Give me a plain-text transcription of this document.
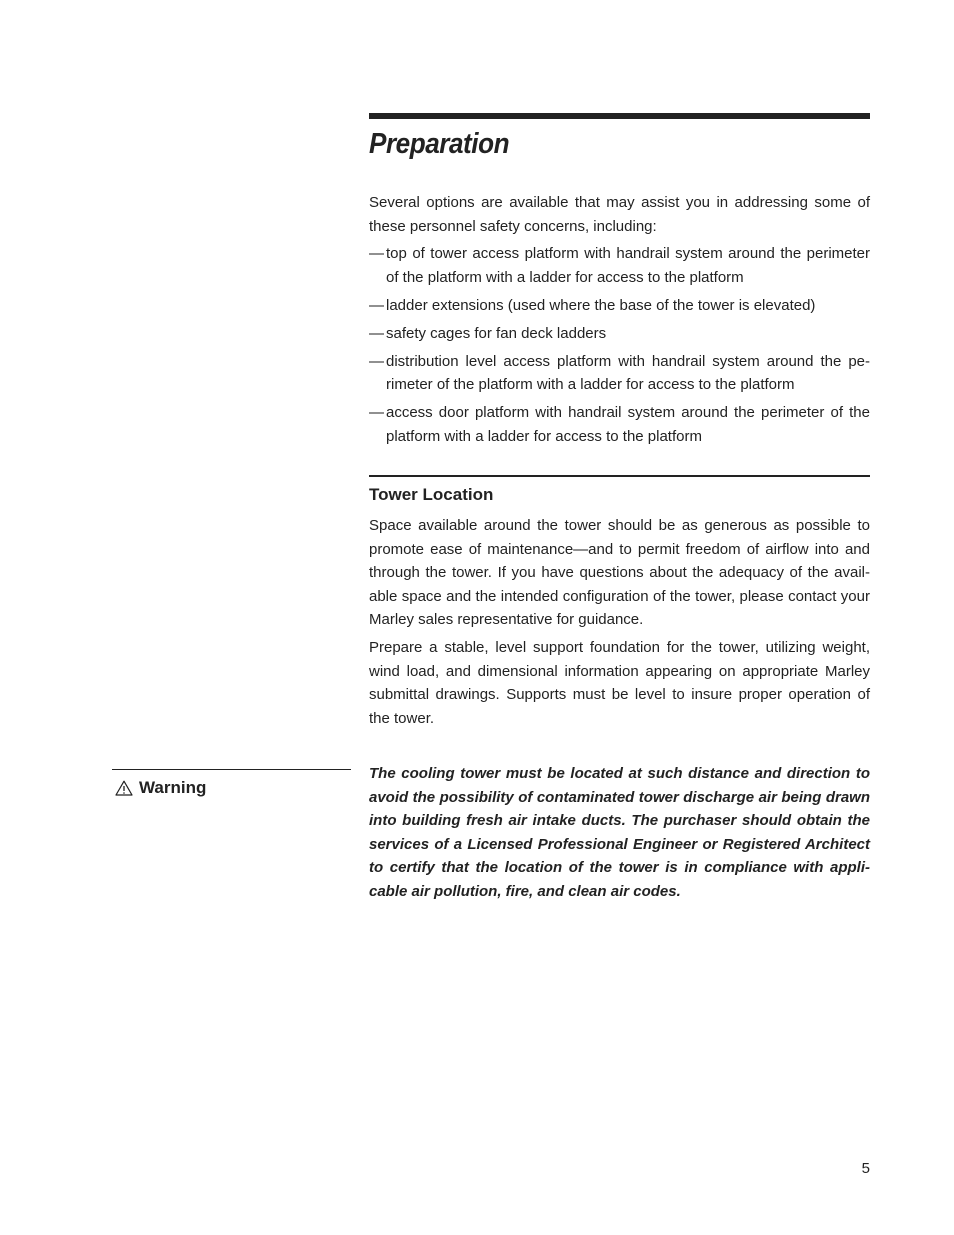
Preparation

Several options are available that may assist you in addressing some of these personnel safety concerns, including:

— top of tower access platform with handrail system around the perimeter of the platform with a ladder for access to the platform
— ladder extensions (used where the base of the tower is elevated)
— safety cages for fan deck ladders
— distribution level access platform with handrail system around the pe-rimeter of the platform with a ladder for access to the platform
— access door platform with handrail system around the perimeter of the platform with a ladder for access to the platform
Tower Location

Space available around the tower should be as generous as possible to promote ease of maintenance—and to permit freedom of airflow into and through the tower. If you have questions about the adequacy of the avail-able space and the intended configuration of the tower, please contact your Marley sales representative for guidance.

Prepare a stable, level support foundation for the tower, utilizing weight, wind load, and dimensional information appearing on appropriate Marley submittal drawings. Supports must be level to insure proper operation of the tower.

Warning

The cooling tower must be located at such distance and direction to avoid the possibility of contaminated tower discharge air being drawn into building fresh air intake ducts. The purchaser should obtain the services of a Licensed Professional Engineer or Registered Architect to certify that the location of the tower is in compliance with appli-cable air pollution, fire, and clean air codes.

5
